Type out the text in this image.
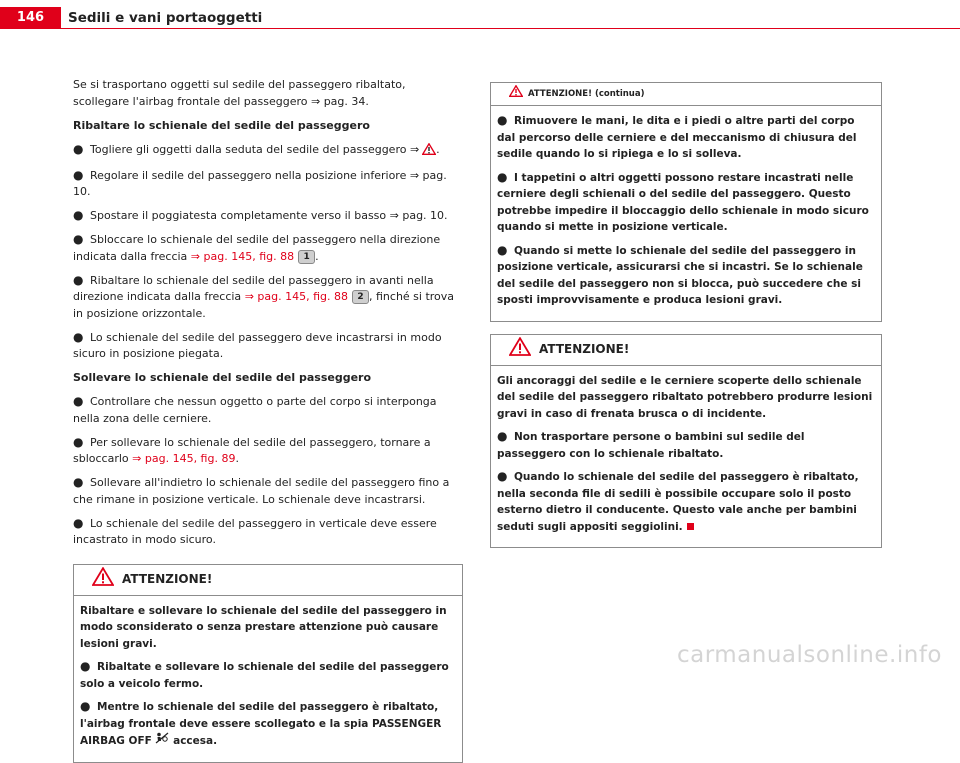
146	Sedili e vani portaoggetti

Se si trasportano oggetti sul sedile del passeggero ribaltato, scollegare l'airbag frontale del passeggero ⇒ pag. 34.

Ribaltare lo schienale del sedile del passeggero

● Togliere gli oggetti dalla seduta del sedile del passeggero ⇒ .

● Regolare il sedile del passeggero nella posizione inferiore ⇒ pag. 10.

● Spostare il poggiatesta completamente verso il basso ⇒ pag. 10.

● Sbloccare lo schienale del sedile del passeggero nella direzione indicata dalla freccia ⇒ pag. 145, fig. 88 1 .

● Ribaltare lo schienale del sedile del passeggero in avanti nella direzione indicata dalla freccia ⇒ pag. 145, fig. 88 2 , finché si trova in posizione orizzontale.

● Lo schienale del sedile del passeggero deve incastrarsi in modo sicuro in posizione piegata.

Sollevare lo schienale del sedile del passeggero

● Controllare che nessun oggetto o parte del corpo si interponga nella zona delle cerniere.

● Per sollevare lo schienale del sedile del passeggero, tornare a sbloccarlo ⇒ pag. 145, fig. 89.

● Sollevare all'indietro lo schienale del sedile del passeggero fino a che rimane in posizione verticale. Lo schienale deve incastrarsi.

● Lo schienale del sedile del passeggero in verticale deve essere incastrato in modo sicuro.

ATTENZIONE!

Ribaltare e sollevare lo schienale del sedile del passeggero in modo sconsiderato o senza prestare attenzione può causare lesioni gravi.

● Ribaltate e sollevare lo schienale del sedile del passeggero solo a veicolo fermo.

● Mentre lo schienale del sedile del passeggero è ribaltato, l'airbag frontale deve essere scollegato e la spia PASSENGER AIRBAG OFF accesa.

ATTENZIONE! (continua)

● Rimuovere le mani, le dita e i piedi o altre parti del corpo dal percorso delle cerniere e del meccanismo di chiusura del sedile quando lo si ripiega e lo si solleva.

● I tappetini o altri oggetti possono restare incastrati nelle cerniere degli schienali o del sedile del passeggero. Questo potrebbe impedire il bloccaggio dello schienale in modo sicuro quando si mette in posizione verticale.

● Quando si mette lo schienale del sedile del passeggero in posizione verticale, assicurarsi che si incastri. Se lo schienale del sedile del passeggero non si blocca, può succedere che si sposti improvvisamente e produca lesioni gravi.

ATTENZIONE!

Gli ancoraggi del sedile e le cerniere scoperte dello schienale del sedile del passeggero ribaltato potrebbero produrre lesioni gravi in caso di frenata brusca o di incidente.

● Non trasportare persone o bambini sul sedile del passeggero con lo schienale ribaltato.

● Quando lo schienale del sedile del passeggero è ribaltato, nella seconda file di sedili è possibile occupare solo il posto esterno dietro il conducente. Questo vale anche per bambini seduti sugli appositi seggiolini.

carmanualsonline.info
